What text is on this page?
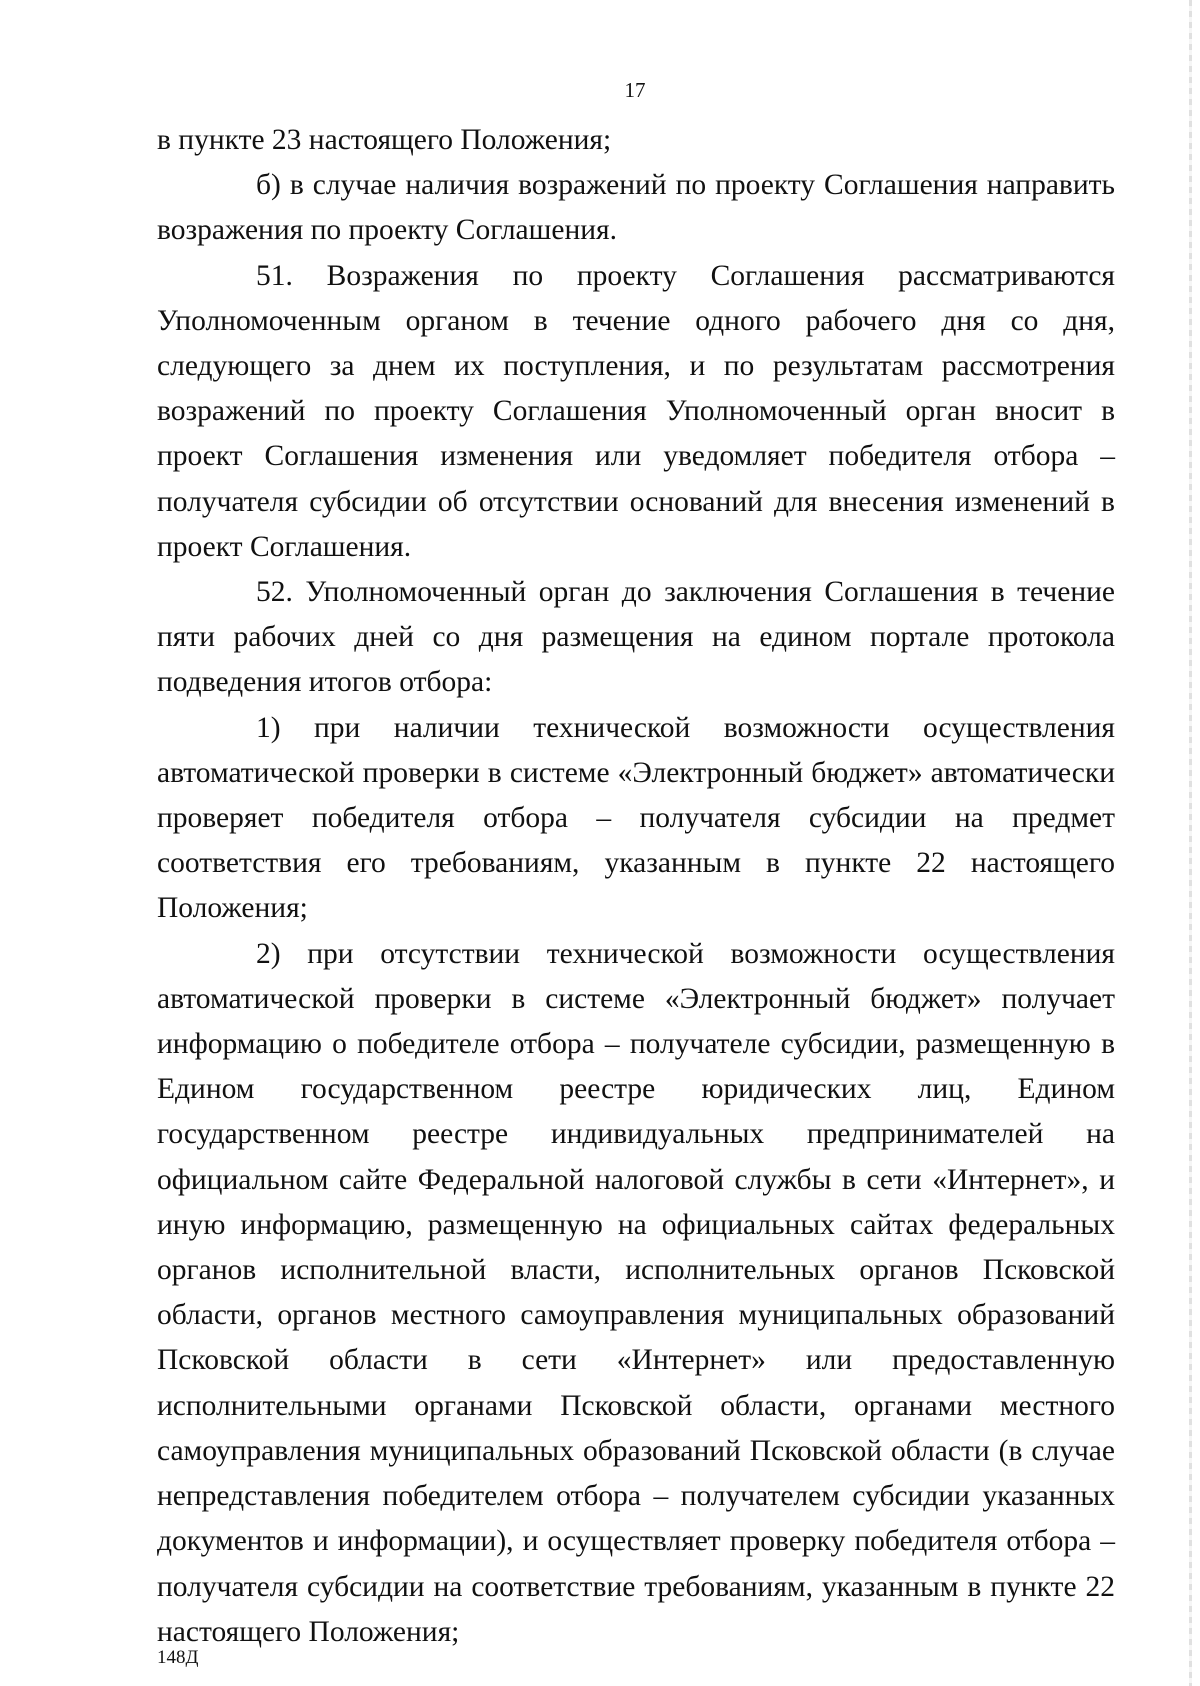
17

в пункте 23 настоящего Положения;

б) в случае наличия возражений по проекту Соглашения направить возражения по проекту Соглашения.

51. Возражения по проекту Соглашения рассматриваются Уполномоченным органом в течение одного рабочего дня со дня, следующего за днем их поступления, и по результатам рассмотрения возражений по проекту Соглашения Уполномоченный орган вносит в проект Соглашения изменения или уведомляет победителя отбора – получателя субсидии об отсутствии оснований для внесения изменений в проект Соглашения.

52. Уполномоченный орган до заключения Соглашения в течение пяти рабочих дней со дня размещения на едином портале протокола подведения итогов отбора:

1) при наличии технической возможности осуществления автоматической проверки в системе «Электронный бюджет» автоматически проверяет победителя отбора – получателя субсидии на предмет соответствия его требованиям, указанным в пункте 22 настоящего Положения;

2) при отсутствии технической возможности осуществления автоматической проверки в системе «Электронный бюджет» получает информацию о победителе отбора – получателе субсидии, размещенную в Едином государственном реестре юридических лиц, Едином государственном реестре индивидуальных предпринимателей на официальном сайте Федеральной налоговой службы в сети «Интернет», и иную информацию, размещенную на официальных сайтах федеральных органов исполнительной власти, исполнительных органов Псковской области, органов местного самоуправления муниципальных образований Псковской области в сети «Интернет» или предоставленную исполнительными органами Псковской области, органами местного самоуправления муниципальных образований Псковской области (в случае непредставления победителем отбора – получателем субсидии указанных документов и информации), и осуществляет проверку победителя отбора – получателя субсидии на соответствие требованиям, указанным в пункте 22 настоящего Положения;

148Д
